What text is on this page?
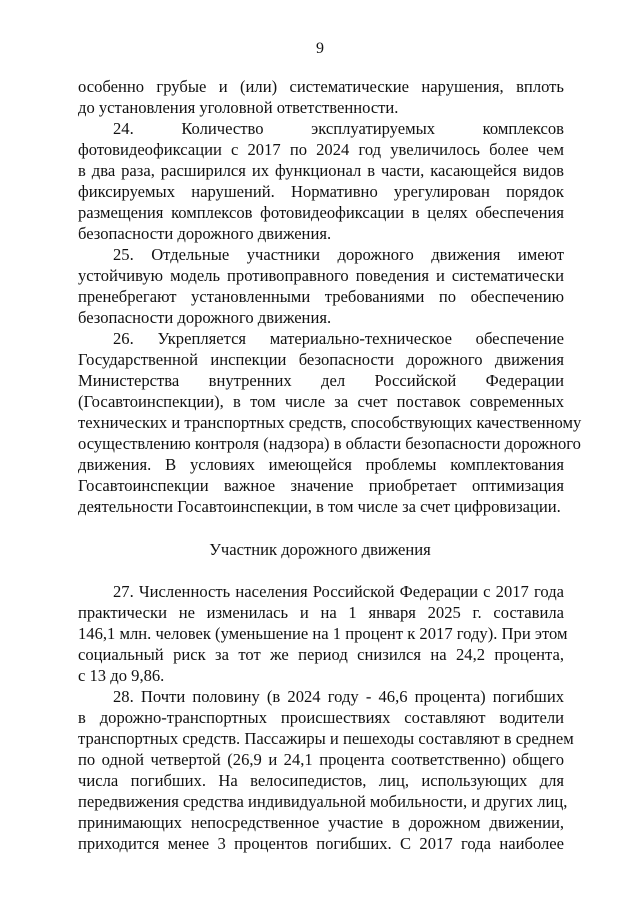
9
особенно грубые и (или) систематические нарушения, вплоть
до установления уголовной ответственности.
24. Количество эксплуатируемых комплексов
фотовидеофиксации с 2017 по 2024 год увеличилось более чем
в два раза, расширился их функционал в части, касающейся видов
фиксируемых нарушений. Нормативно урегулирован порядок
размещения комплексов фотовидеофиксации в целях обеспечения
безопасности дорожного движения.
25. Отдельные участники дорожного движения имеют
устойчивую модель противоправного поведения и систематически
пренебрегают установленными требованиями по обеспечению
безопасности дорожного движения.
26. Укрепляется материально-техническое обеспечение
Государственной инспекции безопасности дорожного движения
Министерства внутренних дел Российской Федерации
(Госавтоинспекции), в том числе за счет поставок современных
технических и транспортных средств, способствующих качественному
осуществлению контроля (надзора) в области безопасности дорожного
движения. В условиях имеющейся проблемы комплектования
Госавтоинспекции важное значение приобретает оптимизация
деятельности Госавтоинспекции, в том числе за счет цифровизации.
Участник дорожного движения
27. Численность населения Российской Федерации с 2017 года
практически не изменилась и на 1 января 2025 г. составила
146,1 млн. человек (уменьшение на 1 процент к 2017 году). При этом
социальный риск за тот же период снизился на 24,2 процента,
с 13 до 9,86.
28. Почти половину (в 2024 году - 46,6 процента) погибших
в дорожно-транспортных происшествиях составляют водители
транспортных средств. Пассажиры и пешеходы составляют в среднем
по одной четвертой (26,9 и 24,1 процента соответственно) общего
числа погибших. На велосипедистов, лиц, использующих для
передвижения средства индивидуальной мобильности, и других лиц,
принимающих непосредственное участие в дорожном движении,
приходится менее 3 процентов погибших. С 2017 года наиболее
